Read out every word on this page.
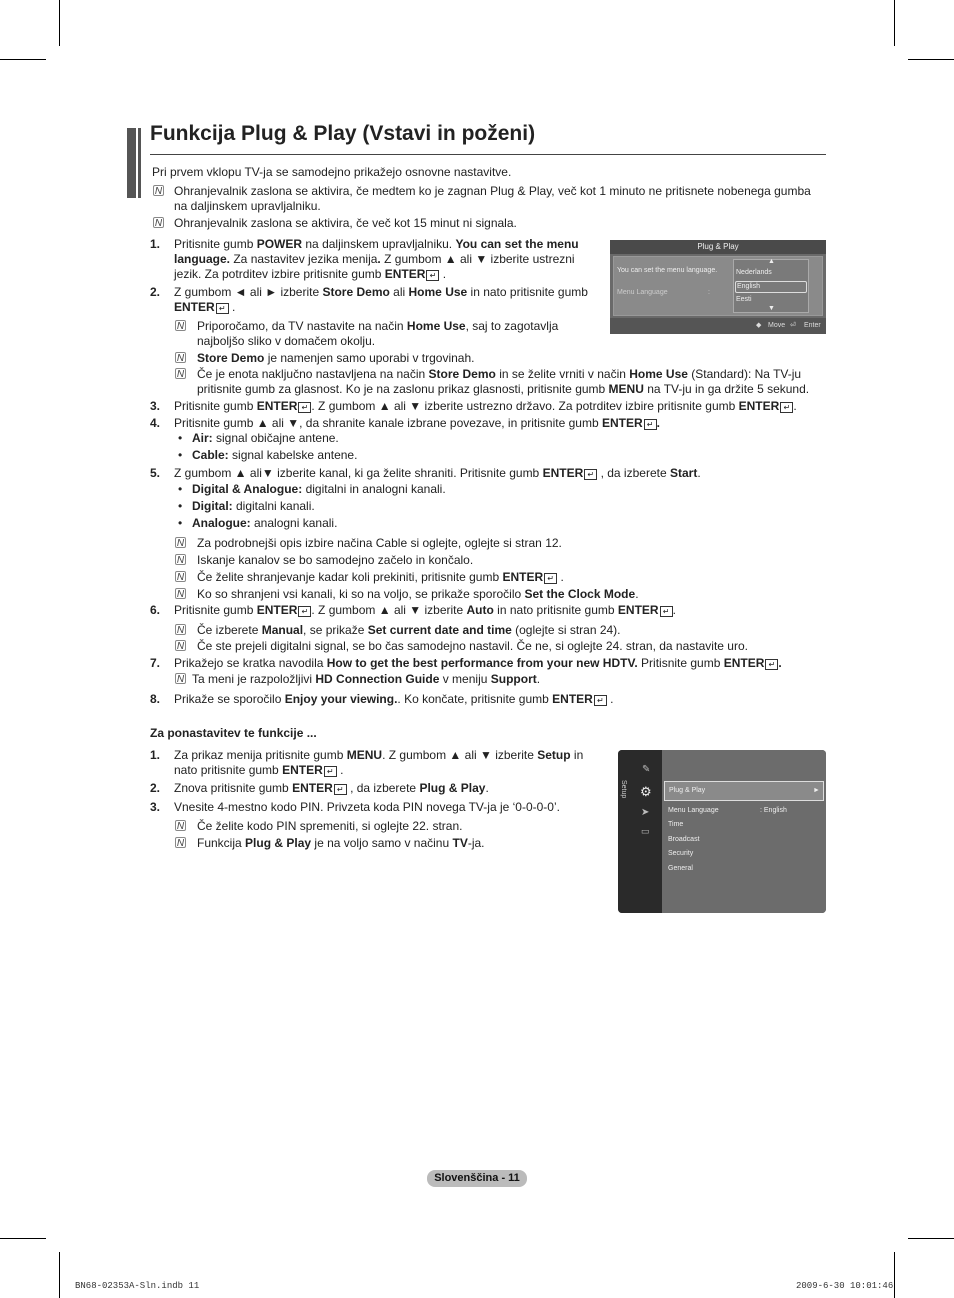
Funkcija Plug & Play (Vstavi in poženi)
Pri prvem vklopu TV-ja se samodejno prikažejo osnovne nastavitve.
N Ohranjevalnik zaslona se aktivira, če medtem ko je zagnan Plug & Play, več kot 1 minuto ne pritisnete nobenega gumba na daljinskem upravljalniku.
N Ohranjevalnik zaslona se aktivira, če več kot 15 minut ni signala.
1. Pritisnite gumb POWER na daljinskem upravljalniku. You can set the menu language. Za nastavitev jezika menija. Z gumbom ▲ ali ▼ izberite ustrezni jezik. Za potrditev izbire pritisnite gumb ENTER ↵ .
Plug & Play
You can set the menu language.
Menu Language	:
▲
Nederlands
English
Eesti
▼
◆ Move ⏎ Enter
2. Z gumbom ◄ ali ► izberite Store Demo ali Home Use in nato pritisnite gumb ENTER ↵ .
N Priporočamo, da TV nastavite na način Home Use, saj to zagotavlja najboljšo sliko v domačem okolju.
N Store Demo je namenjen samo uporabi v trgovinah.
N Če je enota naključno nastavljena na način Store Demo in se želite vrniti v način Home Use (Standard): Na TV-ju pritisnite gumb za glasnost. Ko je na zaslonu prikaz glasnosti, pritisnite gumb MENU na TV-ju in ga držite 5 sekund.
3. Pritisnite gumb ENTER ↵ . Z gumbom ▲ ali ▼ izberite ustrezno državo. Za potrditev izbire pritisnite gumb ENTER ↵ .
4. Pritisnite gumb ▲ ali ▼, da shranite kanale izbrane povezave, in pritisnite gumb ENTER ↵ .
• Air: signal običajne antene.
• Cable: signal kabelske antene.
5. Z gumbom ▲ ali▼ izberite kanal, ki ga želite shraniti. Pritisnite gumb ENTER ↵ , da izberete Start.
• Digital & Analogue: digitalni in analogni kanali.
• Digital: digitalni kanali.
• Analogue: analogni kanali.
N Za podrobnejši opis izbire načina Cable si oglejte, oglejte si stran 12.
N Iskanje kanalov se bo samodejno začelo in končalo.
N Če želite shranjevanje kadar koli prekiniti, pritisnite gumb ENTER ↵ .
N Ko so shranjeni vsi kanali, ki so na voljo, se prikaže sporočilo Set the Clock Mode.
6. Pritisnite gumb ENTER ↵ . Z gumbom ▲ ali ▼ izberite Auto in nato pritisnite gumb ENTER ↵ .
N Če izberete Manual, se prikaže Set current date and time (oglejte si stran 24).
N Če ste prejeli digitalni signal, se bo čas samodejno nastavil. Če ne, si oglejte 24. stran, da nastavite uro.
7. Prikažejo se kratka navodila How to get the best performance from your new HDTV. Pritisnite gumb ENTER ↵ .
N Ta meni je razpoložljivi HD Connection Guide v meniju Support.
8. Prikaže se sporočilo Enjoy your viewing.. Ko končate, pritisnite gumb ENTER ↵ .
Za ponastavitev te funkcije ...
1. Za prikaz menija pritisnite gumb MENU. Z gumbom ▲ ali ▼ izberite Setup in nato pritisnite gumb ENTER ↵ .
2. Znova pritisnite gumb ENTER ↵ , da izberete Plug & Play.
3. Vnesite 4-mestno kodo PIN. Privzeta koda PIN novega TV-ja je ‘0-0-0-0’.
N Če želite kodo PIN spremeniti, si oglejte 22. stran.
N Funkcija Plug & Play je na voljo samo v načinu TV-ja.
Setup
✎
⚙
➤
▭
Plug & Play	►
Menu Language	: English
Time
Broadcast
Security
General
Slovenščina - 11
BN68-02353A-Sln.indb 11	2009-6-30 10:01:46
